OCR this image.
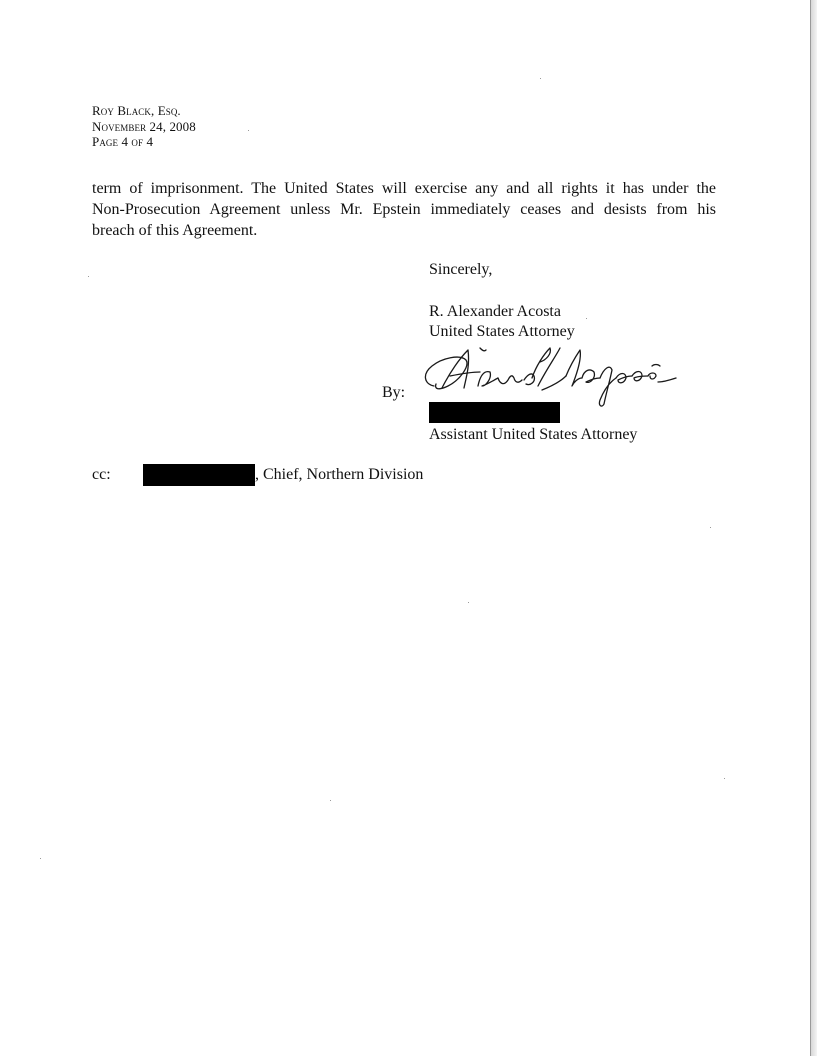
Roy Black, Esq.
November 24, 2008
Page 4 of 4
term of imprisonment. The United States will exercise any and all rights it has under the
Non-Prosecution Agreement unless Mr. Epstein immediately ceases and desists from his
breach of this Agreement.
Sincerely,
R. Alexander Acosta
United States Attorney
By:
Assistant United States Attorney
cc:	, Chief, Northern Division
